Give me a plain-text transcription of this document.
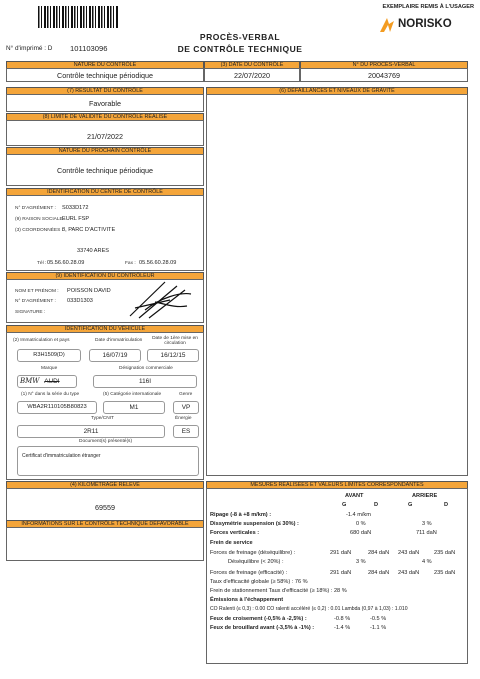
PROCÈS-VERBAL
DE CONTRÔLE TECHNIQUE
EXEMPLAIRE REMIS À L'USAGER
NORISKO
N° d'imprimé : D 101103096
NATURE DU CONTRÔLE
Contrôle technique périodique
(3) DATE DU CONTRÔLE
22/07/2020
N° DU PROCÈS-VERBAL
20043769
(7) RÉSULTAT DU CONTRÔLE
Favorable
(8) LIMITE DE VALIDITÉ DU CONTRÔLE RÉALISÉ
21/07/2022
NATURE DU PROCHAIN CONTRÔLE
Contrôle technique périodique
(6) DÉFAILLANCES ET NIVEAUX DE GRAVITÉ
IDENTIFICATION DU CENTRE DE CONTRÔLE
N° D'AGRÉMENT : S033D172
(9) RAISON SOCIALE :
EURL FSP
(3) COORDONNÉES : 8, PARC D'ACTIVITE
33740 ARES
Tél : 05.56.60.28.09	Fax : 05.56.60.28.09
(9) IDENTIFICATION DU CONTRÔLEUR
NOM ET PRÉNOM : POISSON DAVID
N° D'AGRÉMENT : 033D1303
SIGNATURE :
IDENTIFICATION DU VÉHICULE
(2) Immatriculation et pays	Date d'immatriculation	Date de 1ère mise en circulation
R3H1509(D)	16/07/19	16/12/15
Marque	Désignation commerciale
BMW AUDI	116I
(1) N° dans la série du type	(5) Catégorie internationale	Genre
WBA2R110105B80823	M1	VP
Type/CNIT	Énergie
2R11	ES
Document(s) présenté(s)
Certificat d'immatriculation étranger
(4) KILOMÉTRAGE RELEVÉ
69559
INFORMATIONS SUR LE CONTRÔLE TECHNIQUE DÉFAVORABLE
MESURES RÉALISÉES ET VALEURS LIMITES CORRESPONDANTES
AVANT	ARRIERE
G	D	G	D
Ripage (-8 à +8 m/km) :	-1.4 m/km
Dissymétrie suspension (≤ 30%) :	0 %	3 %
Forces verticales :	680 daN	711 daN
Frein de service
Forces de freinage (déséquilibre) :	291 daN	284 daN 243 daN	235 daN
Déséquilibre (< 20%) :	3 %	4 %
Forces de freinage (efficacité) :	291 daN	284 daN 243 daN	235 daN
Taux d'efficacité globale (≥ 58%) : 76 %
Frein de stationnement Taux d'efficacité (≥ 18%) : 28 %
Émissions à l'échappement
CO Ralenti (≤ 0,3) : 0.00 CO ralenti accéléré (≤ 0,2) : 0.01 Lambda (0,97 à 1,03) : 1.010
Feux de croisement (-0,5% à -2,5%) :	-0.8 %	-0.5 %
Feux de brouillard avant (-3,5% à -1%) :	-1.4 %	-1.1 %
